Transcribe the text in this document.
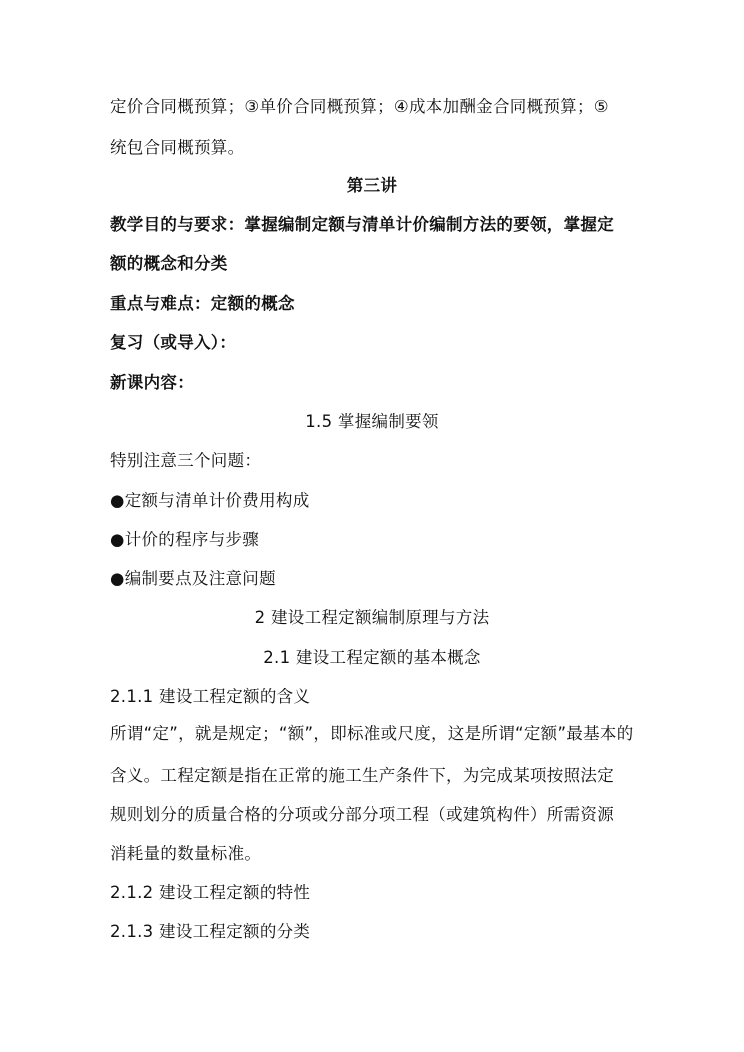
定价合同概预算；③单价合同概预算；④成本加酬金合同概预算；⑤
统包合同概预算。
第三讲
教学目的与要求：掌握编制定额与清单计价编制方法的要领，掌握定
额的概念和分类
重点与难点：定额的概念
复习（或导入）：
新课内容：
1.5 掌握编制要领
特别注意三个问题：
●定额与清单计价费用构成
●计价的程序与步骤
●编制要点及注意问题
2 建设工程定额编制原理与方法
2.1 建设工程定额的基本概念
2.1.1 建设工程定额的含义
所谓“定”，就是规定；“额”，即标准或尺度，这是所谓“定额”最基本的
含义。工程定额是指在正常的施工生产条件下，为完成某项按照法定
规则划分的质量合格的分项或分部分项工程（或建筑构件）所需资源
消耗量的数量标准。
2.1.2 建设工程定额的特性
2.1.3 建设工程定额的分类
